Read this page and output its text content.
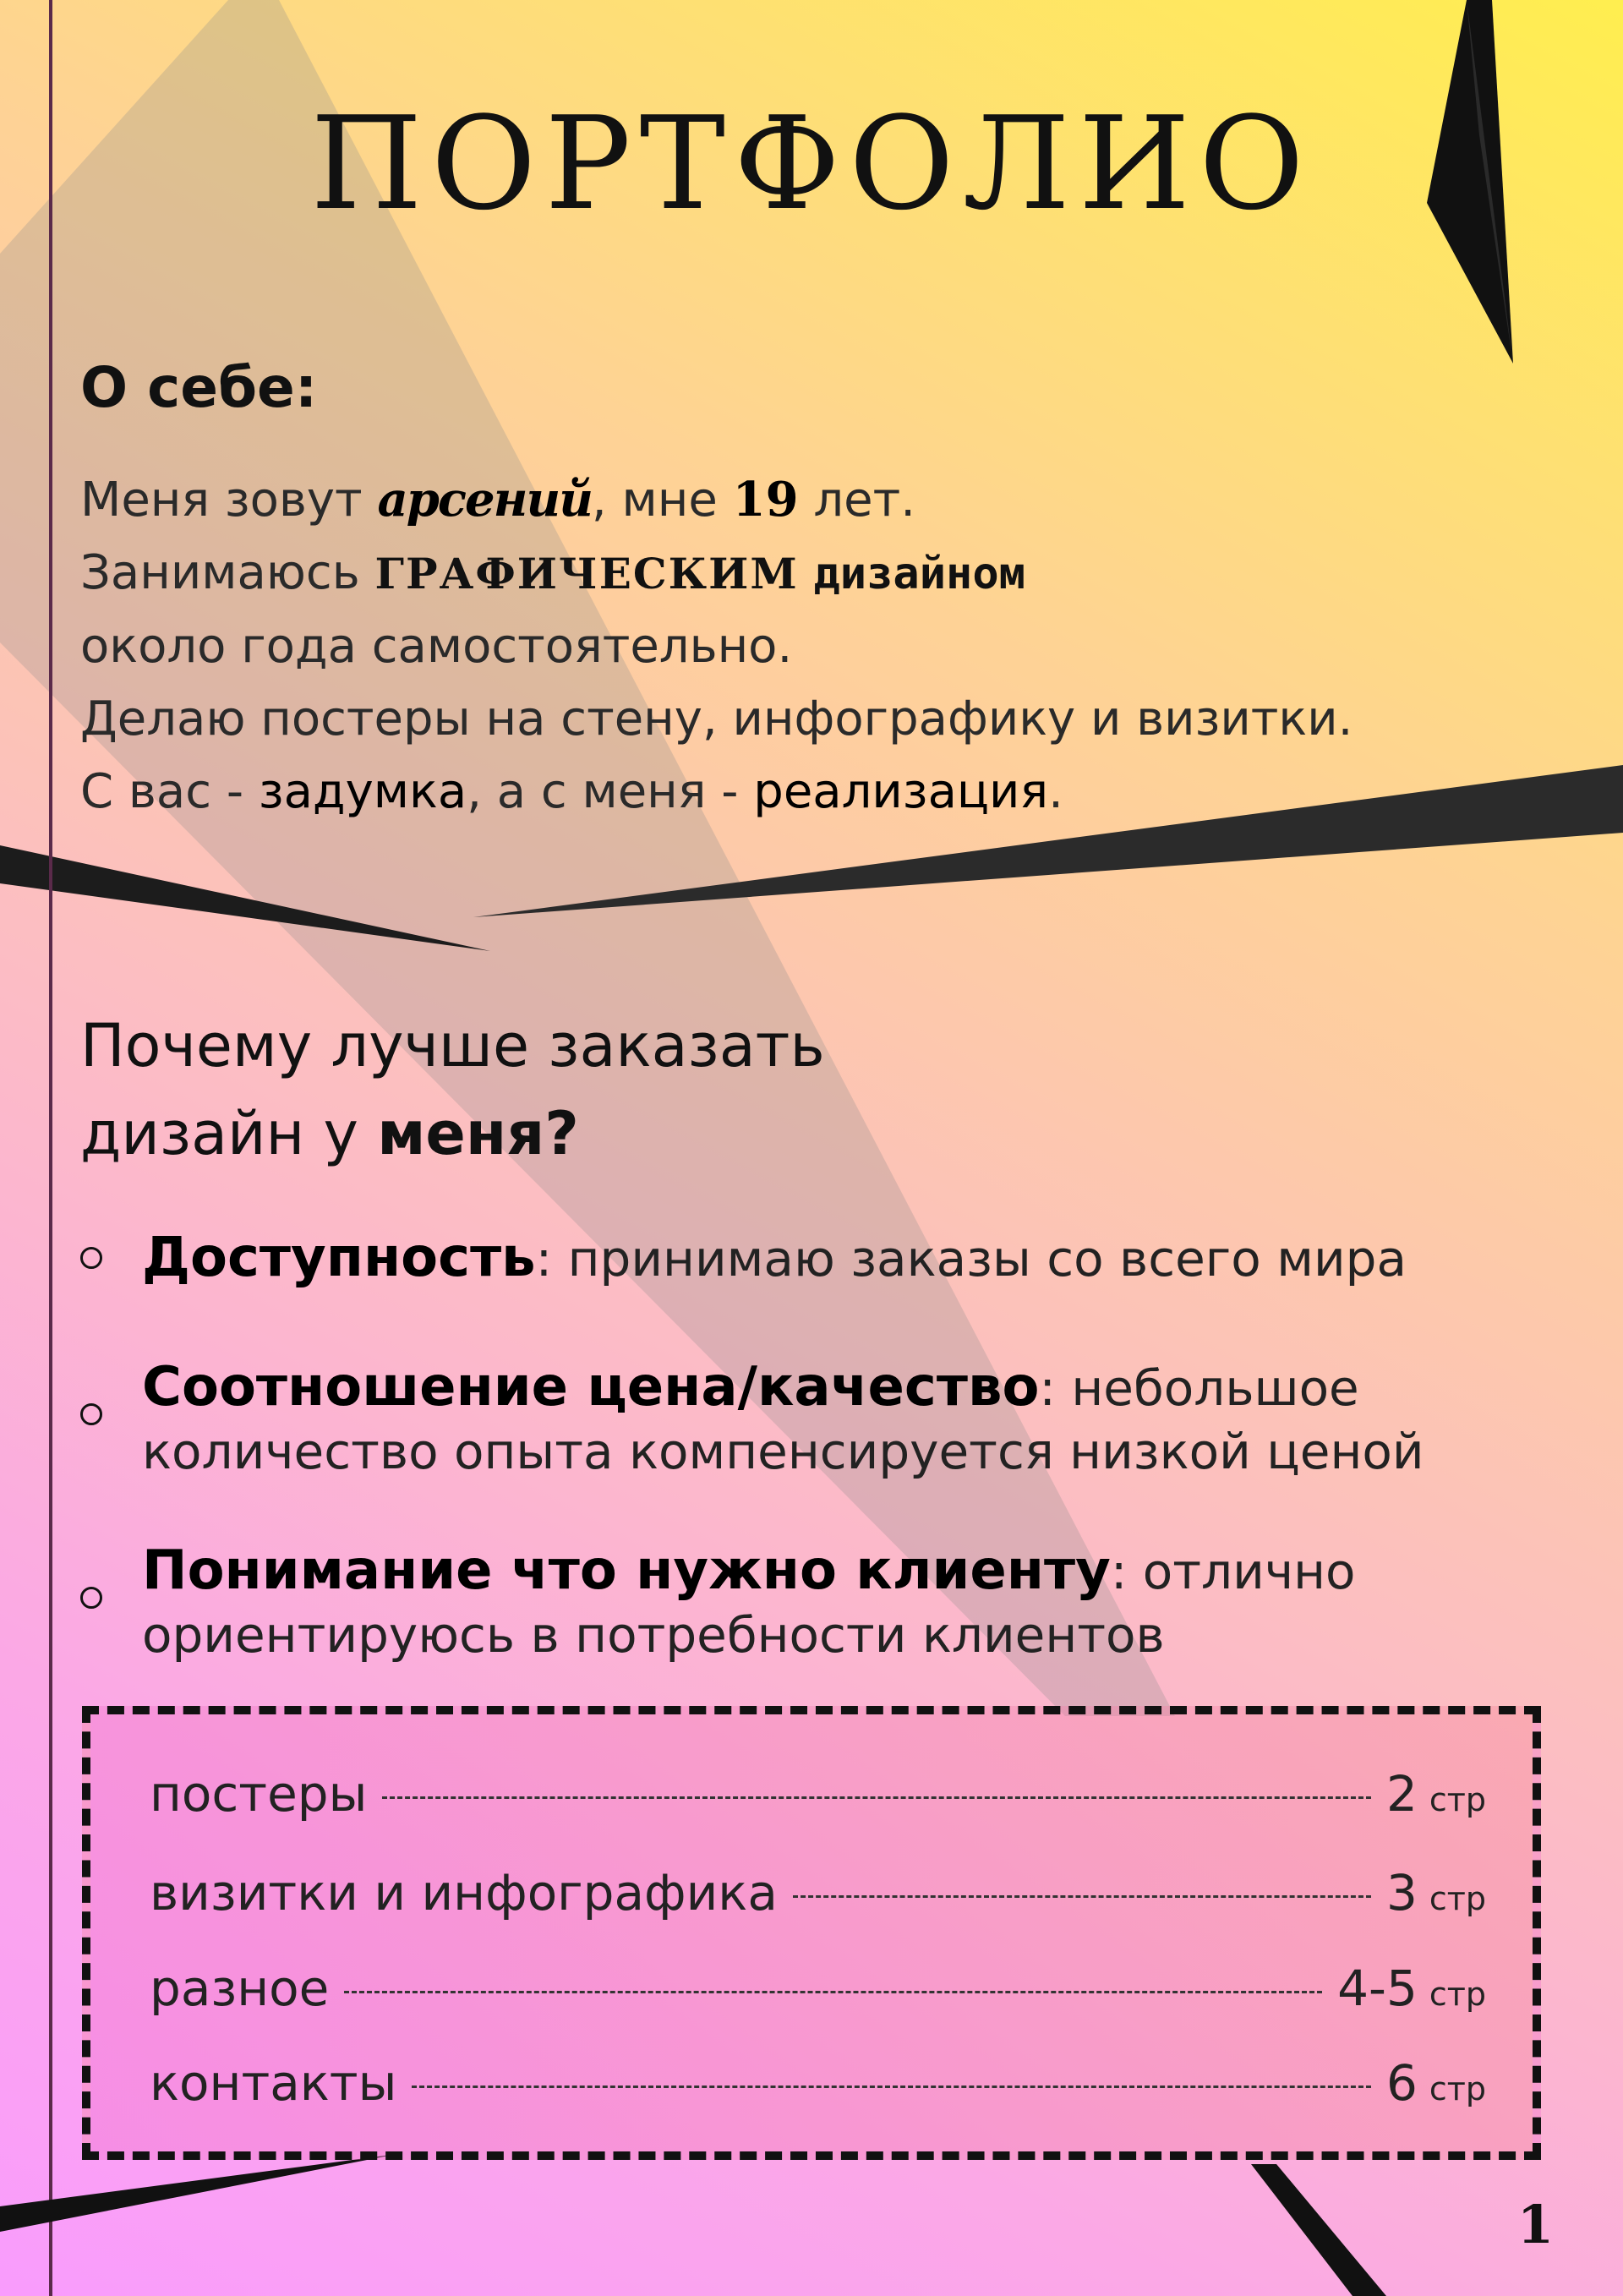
ПОРТФОЛИО
О себе:
Меня зовут арсений, мне 19 лет.
Занимаюсь ГРАФИЧЕСКИМ дизайном
около года самостоятельно.
Делаю постеры на стену, инфографику и визитки.
С вас - задумка, а с меня - реализация.
Почему лучше заказать
дизайн у меня?
Доступность: принимаю заказы со всего мира
Соотношение цена/качество: небольшое
количество опыта компенсируется низкой ценой
Понимание что нужно клиенту: отлично
ориентируюсь в потребности клиентов
постеры	2 стр
визитки и инфографика	3 стр
разное	4-5 стр
контакты	6 стр
1
